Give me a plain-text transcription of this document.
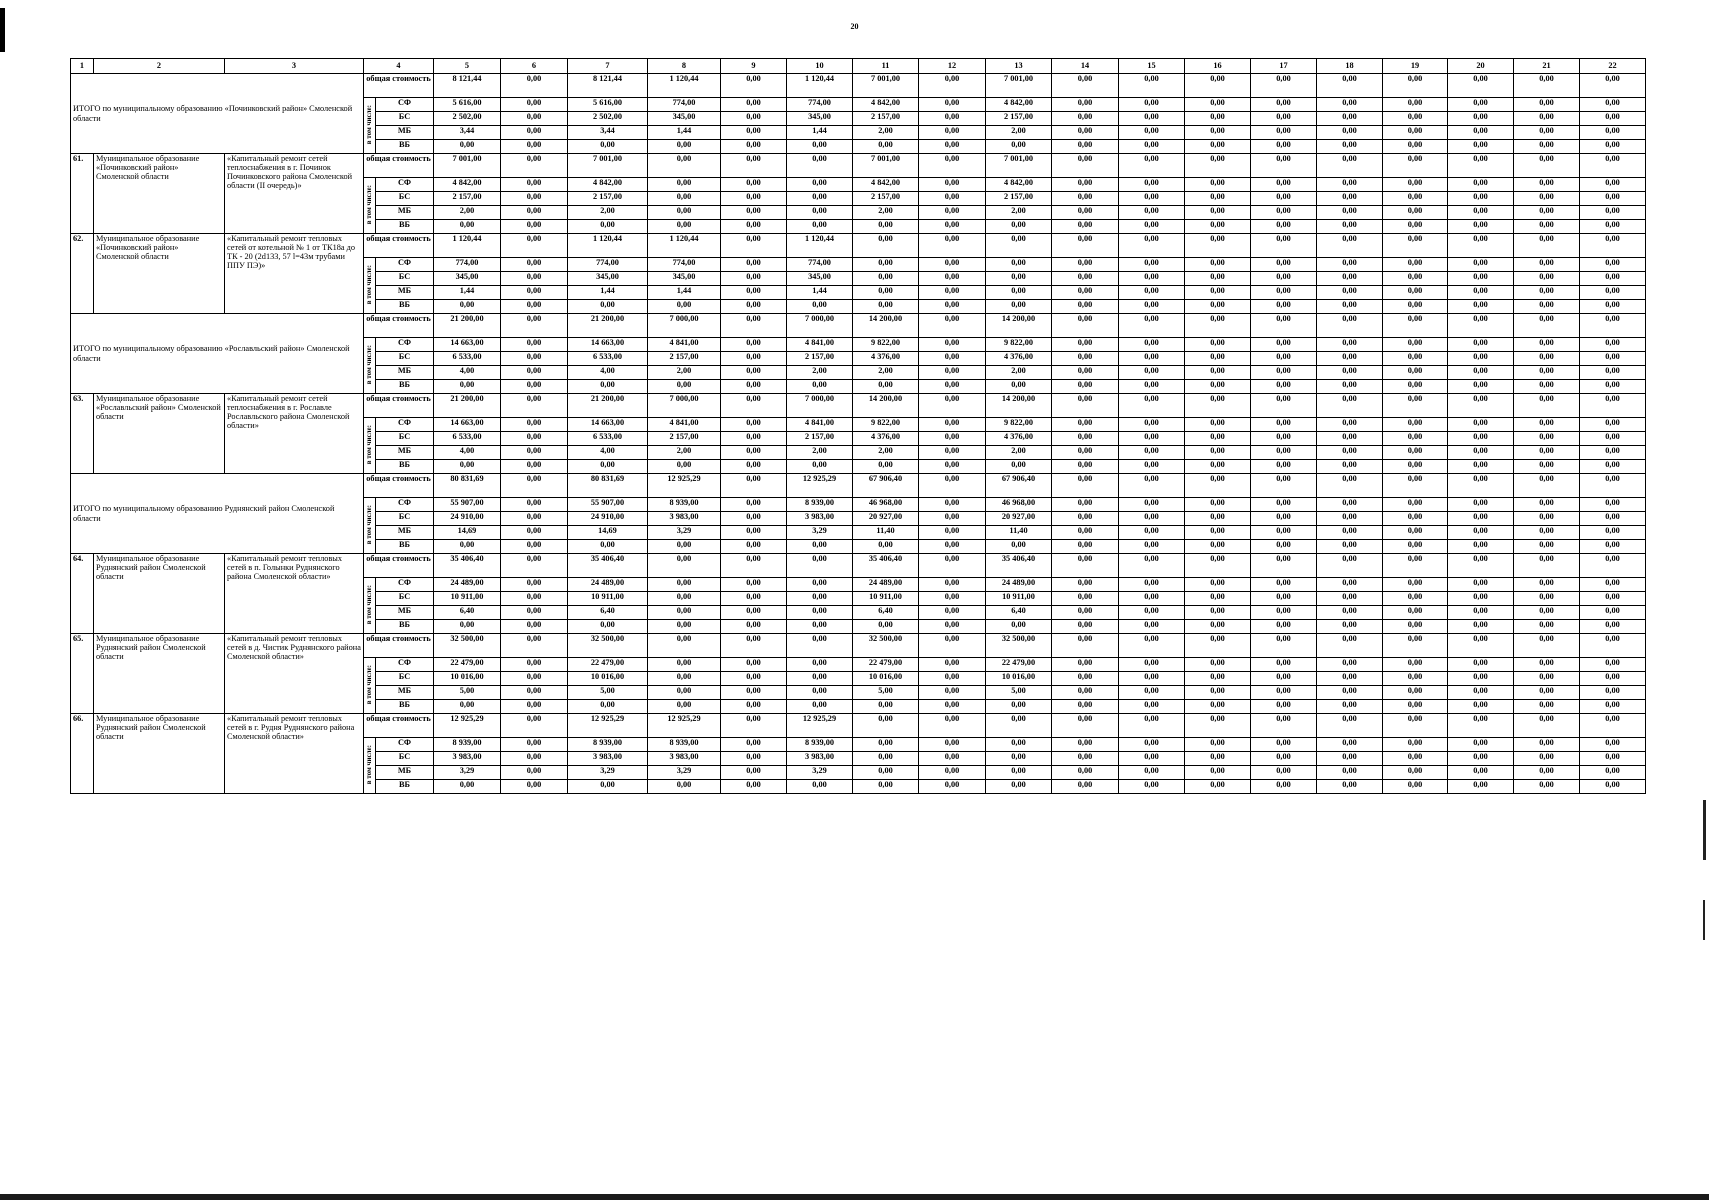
20
1	2	3	4		5	6	7	8	9	10	11	12	13	14	15	16	17	18	19	20	21	22
ИТОГО по муниципальному образованию «Починковский район» Смоленской области			общая стоимость		8 121,44	0,00	8 121,44	1 120,44	0,00	1 120,44	7 001,00	0,00	7 001,00	0,00	0,00	0,00	0,00	0,00	0,00	0,00	0,00	0,00
			в том числе:	СФ	5 616,00	0,00	5 616,00	774,00	0,00	774,00	4 842,00	0,00	4 842,00	0,00	0,00	0,00	0,00	0,00	0,00	0,00	0,00	0,00
				БС	2 502,00	0,00	2 502,00	345,00	0,00	345,00	2 157,00	0,00	2 157,00	0,00	0,00	0,00	0,00	0,00	0,00	0,00	0,00	0,00
				МБ	3,44	0,00	3,44	1,44	0,00	1,44	2,00	0,00	2,00	0,00	0,00	0,00	0,00	0,00	0,00	0,00	0,00	0,00
				ВБ	0,00	0,00	0,00	0,00	0,00	0,00	0,00	0,00	0,00	0,00	0,00	0,00	0,00	0,00	0,00	0,00	0,00	0,00
61.	Муниципальное образование «Починковский район» Смоленской области	«Капитальный ремонт сетей теплоснабжения в г. Починок Починковского района Смоленской области (II очередь)»	общая стоимость		7 001,00	0,00	7 001,00	0,00	0,00	0,00	7 001,00	0,00	7 001,00	0,00	0,00	0,00	0,00	0,00	0,00	0,00	0,00	0,00
			в том числе:	СФ	4 842,00	0,00	4 842,00	0,00	0,00	0,00	4 842,00	0,00	4 842,00	0,00	0,00	0,00	0,00	0,00	0,00	0,00	0,00	0,00
				БС	2 157,00	0,00	2 157,00	0,00	0,00	0,00	2 157,00	0,00	2 157,00	0,00	0,00	0,00	0,00	0,00	0,00	0,00	0,00	0,00
				МБ	2,00	0,00	2,00	0,00	0,00	0,00	2,00	0,00	2,00	0,00	0,00	0,00	0,00	0,00	0,00	0,00	0,00	0,00
				ВБ	0,00	0,00	0,00	0,00	0,00	0,00	0,00	0,00	0,00	0,00	0,00	0,00	0,00	0,00	0,00	0,00	0,00	0,00
62.	Муниципальное образование «Починковский район» Смоленской области	«Капитальный ремонт тепловых сетей от котельной № 1 от ТК18а до ТК - 20 (2d133, 57 l=43м трубами ППУ ПЭ)»	общая стоимость		1 120,44	0,00	1 120,44	1 120,44	0,00	1 120,44	0,00	0,00	0,00	0,00	0,00	0,00	0,00	0,00	0,00	0,00	0,00	0,00
			в том числе:	СФ	774,00	0,00	774,00	774,00	0,00	774,00	0,00	0,00	0,00	0,00	0,00	0,00	0,00	0,00	0,00	0,00	0,00	0,00
				БС	345,00	0,00	345,00	345,00	0,00	345,00	0,00	0,00	0,00	0,00	0,00	0,00	0,00	0,00	0,00	0,00	0,00	0,00
				МБ	1,44	0,00	1,44	1,44	0,00	1,44	0,00	0,00	0,00	0,00	0,00	0,00	0,00	0,00	0,00	0,00	0,00	0,00
				ВБ	0,00	0,00	0,00	0,00	0,00	0,00	0,00	0,00	0,00	0,00	0,00	0,00	0,00	0,00	0,00	0,00	0,00	0,00
ИТОГО по муниципальному образованию «Рославльский район» Смоленской области			общая стоимость		21 200,00	0,00	21 200,00	7 000,00	0,00	7 000,00	14 200,00	0,00	14 200,00	0,00	0,00	0,00	0,00	0,00	0,00	0,00	0,00	0,00
			в том числе:	СФ	14 663,00	0,00	14 663,00	4 841,00	0,00	4 841,00	9 822,00	0,00	9 822,00	0,00	0,00	0,00	0,00	0,00	0,00	0,00	0,00	0,00
				БС	6 533,00	0,00	6 533,00	2 157,00	0,00	2 157,00	4 376,00	0,00	4 376,00	0,00	0,00	0,00	0,00	0,00	0,00	0,00	0,00	0,00
				МБ	4,00	0,00	4,00	2,00	0,00	2,00	2,00	0,00	2,00	0,00	0,00	0,00	0,00	0,00	0,00	0,00	0,00	0,00
				ВБ	0,00	0,00	0,00	0,00	0,00	0,00	0,00	0,00	0,00	0,00	0,00	0,00	0,00	0,00	0,00	0,00	0,00	0,00
63.	Муниципальное образование «Рославльский район» Смоленской области	«Капитальный ремонт сетей теплоснабжения в г. Рославле Рославльского района Смоленской области»	общая стоимость		21 200,00	0,00	21 200,00	7 000,00	0,00	7 000,00	14 200,00	0,00	14 200,00	0,00	0,00	0,00	0,00	0,00	0,00	0,00	0,00	0,00
			в том числе:	СФ	14 663,00	0,00	14 663,00	4 841,00	0,00	4 841,00	9 822,00	0,00	9 822,00	0,00	0,00	0,00	0,00	0,00	0,00	0,00	0,00	0,00
				БС	6 533,00	0,00	6 533,00	2 157,00	0,00	2 157,00	4 376,00	0,00	4 376,00	0,00	0,00	0,00	0,00	0,00	0,00	0,00	0,00	0,00
				МБ	4,00	0,00	4,00	2,00	0,00	2,00	2,00	0,00	2,00	0,00	0,00	0,00	0,00	0,00	0,00	0,00	0,00	0,00
				ВБ	0,00	0,00	0,00	0,00	0,00	0,00	0,00	0,00	0,00	0,00	0,00	0,00	0,00	0,00	0,00	0,00	0,00	0,00
ИТОГО по муниципальному образованию Руднянский район Смоленской области			общая стоимость		80 831,69	0,00	80 831,69	12 925,29	0,00	12 925,29	67 906,40	0,00	67 906,40	0,00	0,00	0,00	0,00	0,00	0,00	0,00	0,00	0,00
			в том числе:	СФ	55 907,00	0,00	55 907,00	8 939,00	0,00	8 939,00	46 968,00	0,00	46 968,00	0,00	0,00	0,00	0,00	0,00	0,00	0,00	0,00	0,00
				БС	24 910,00	0,00	24 910,00	3 983,00	0,00	3 983,00	20 927,00	0,00	20 927,00	0,00	0,00	0,00	0,00	0,00	0,00	0,00	0,00	0,00
				МБ	14,69	0,00	14,69	3,29	0,00	3,29	11,40	0,00	11,40	0,00	0,00	0,00	0,00	0,00	0,00	0,00	0,00	0,00
				ВБ	0,00	0,00	0,00	0,00	0,00	0,00	0,00	0,00	0,00	0,00	0,00	0,00	0,00	0,00	0,00	0,00	0,00	0,00
64.	Муниципальное образование Руднянский район Смоленской области	«Капитальный ремонт тепловых сетей в п. Голынки Руднянского района Смоленской области»	общая стоимость		35 406,40	0,00	35 406,40	0,00	0,00	0,00	35 406,40	0,00	35 406,40	0,00	0,00	0,00	0,00	0,00	0,00	0,00	0,00	0,00
			в том числе:	СФ	24 489,00	0,00	24 489,00	0,00	0,00	0,00	24 489,00	0,00	24 489,00	0,00	0,00	0,00	0,00	0,00	0,00	0,00	0,00	0,00
				БС	10 911,00	0,00	10 911,00	0,00	0,00	0,00	10 911,00	0,00	10 911,00	0,00	0,00	0,00	0,00	0,00	0,00	0,00	0,00	0,00
				МБ	6,40	0,00	6,40	0,00	0,00	0,00	6,40	0,00	6,40	0,00	0,00	0,00	0,00	0,00	0,00	0,00	0,00	0,00
				ВБ	0,00	0,00	0,00	0,00	0,00	0,00	0,00	0,00	0,00	0,00	0,00	0,00	0,00	0,00	0,00	0,00	0,00	0,00
65.	Муниципальное образование Руднянский район Смоленской области	«Капитальный ремонт тепловых сетей в д. Чистик Руднянского района Смоленской области»	общая стоимость		32 500,00	0,00	32 500,00	0,00	0,00	0,00	32 500,00	0,00	32 500,00	0,00	0,00	0,00	0,00	0,00	0,00	0,00	0,00	0,00
			в том числе:	СФ	22 479,00	0,00	22 479,00	0,00	0,00	0,00	22 479,00	0,00	22 479,00	0,00	0,00	0,00	0,00	0,00	0,00	0,00	0,00	0,00
				БС	10 016,00	0,00	10 016,00	0,00	0,00	0,00	10 016,00	0,00	10 016,00	0,00	0,00	0,00	0,00	0,00	0,00	0,00	0,00	0,00
				МБ	5,00	0,00	5,00	0,00	0,00	0,00	5,00	0,00	5,00	0,00	0,00	0,00	0,00	0,00	0,00	0,00	0,00	0,00
				ВБ	0,00	0,00	0,00	0,00	0,00	0,00	0,00	0,00	0,00	0,00	0,00	0,00	0,00	0,00	0,00	0,00	0,00	0,00
66.	Муниципальное образование Руднянский район Смоленской области	«Капитальный ремонт тепловых сетей в г. Рудня Руднянского района Смоленской области»	общая стоимость		12 925,29	0,00	12 925,29	12 925,29	0,00	12 925,29	0,00	0,00	0,00	0,00	0,00	0,00	0,00	0,00	0,00	0,00	0,00	0,00
			в том числе:	СФ	8 939,00	0,00	8 939,00	8 939,00	0,00	8 939,00	0,00	0,00	0,00	0,00	0,00	0,00	0,00	0,00	0,00	0,00	0,00	0,00
				БС	3 983,00	0,00	3 983,00	3 983,00	0,00	3 983,00	0,00	0,00	0,00	0,00	0,00	0,00	0,00	0,00	0,00	0,00	0,00	0,00
				МБ	3,29	0,00	3,29	3,29	0,00	3,29	0,00	0,00	0,00	0,00	0,00	0,00	0,00	0,00	0,00	0,00	0,00	0,00
				ВБ	0,00	0,00	0,00	0,00	0,00	0,00	0,00	0,00	0,00	0,00	0,00	0,00	0,00	0,00	0,00	0,00	0,00	0,00
